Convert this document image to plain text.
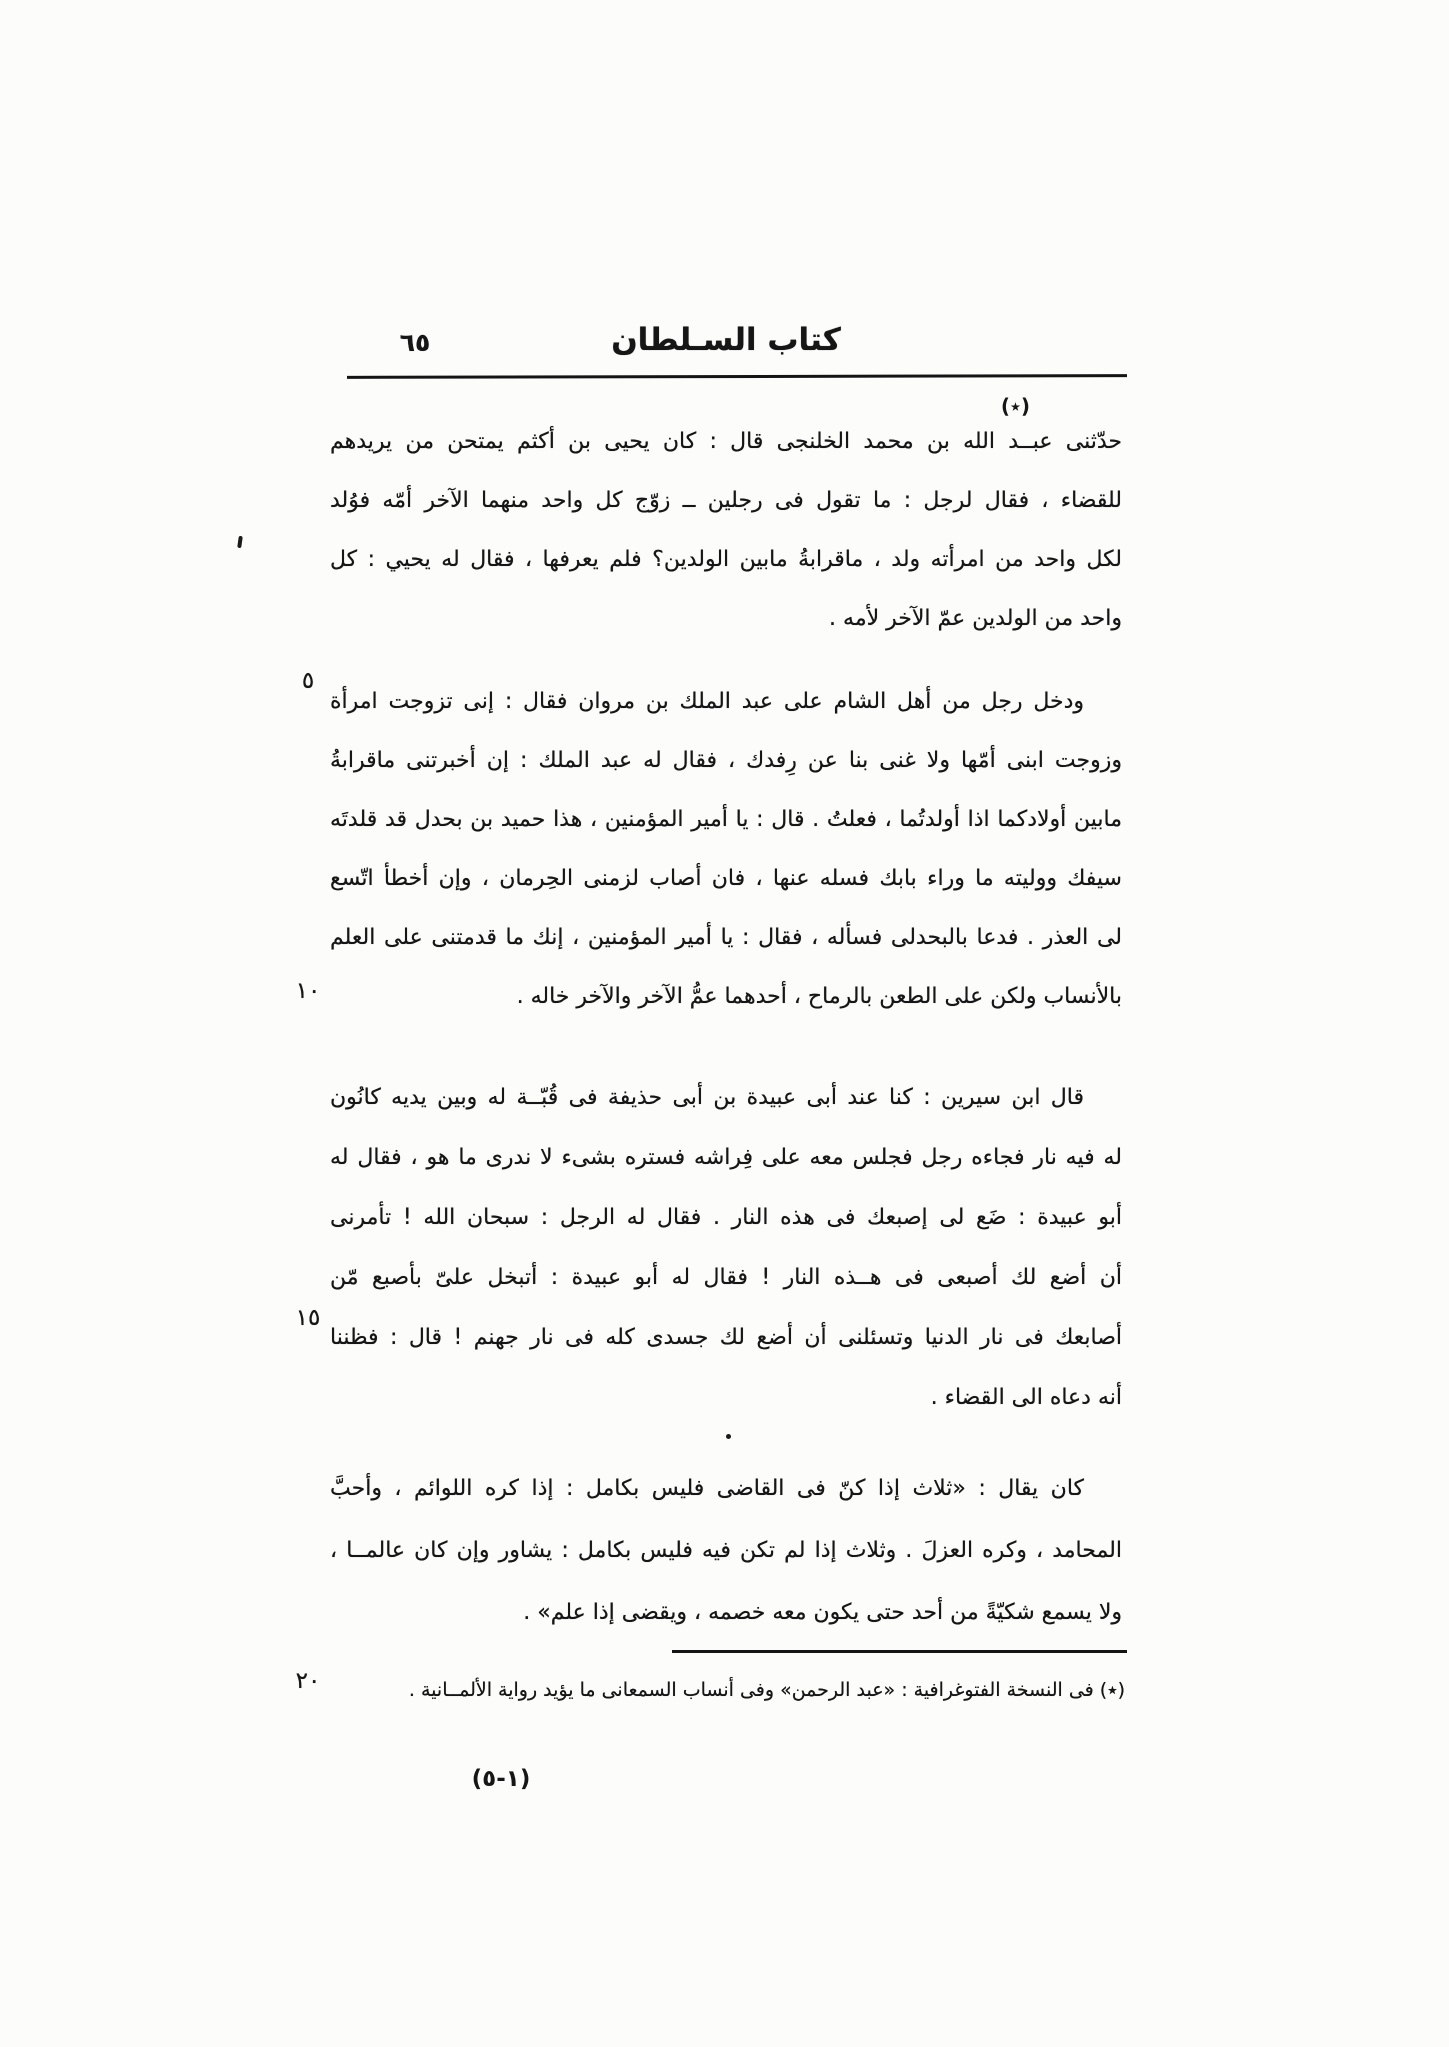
٦٥	كتاب السـلطان
(٭)
حدّثنى عبــد الله بن محمد الخلنجى قال : كان يحيى بن أكثم يمتحن من يريدهم
للقضاء ، فقال لرجل : ما تقول فى رجلين ــ زوّج كل واحد منهما الآخر أمّه فوُلد
لكل واحد من امرأته ولد ، ماقرابةُ مابين الولدين؟ فلم يعرفها ، فقال له يحيي : كل
واحد من الولدين عمّ الآخر لأمه .
ودخل رجل من أهل الشام على عبد الملك بن مروان فقال : إنى تزوجت امرأة
وزوجت ابنى أمّها ولا غنى بنا عن رِفدك ، فقال له عبد الملك : إن أخبرتنى ماقرابةُ
مابين أولادكما اذا أولدتُما ، فعلتُ . قال : يا أمير المؤمنين ، هذا حميد بن بحدل قد قلدتَه
سيفك ووليته ما وراء بابك فسله عنها ، فان أصاب لزمنى الحِرمان ، وإن أخطأ اتّسع
لى العذر . فدعا بالبحدلى فسأله ، فقال : يا أمير المؤمنين ، إنك ما قدمتنى على العلم
بالأنساب ولكن على الطعن بالرماح ، أحدهما عمُّ الآخر والآخر خاله .
قال ابن سيرين : كنا عند أبى عبيدة بن أبى حذيفة فى قُبّــة له وبين يديه كانُون
له فيه نار فجاءه رجل فجلس معه على فِراشه فستره بشىء لا ندرى ما هو ، فقال له
أبو عبيدة : ضَع لى إصبعك فى هذه النار . فقال له الرجل : سبحان الله ! تأمرنى
أن أضع لك أصبعى فى هــذه النار ! فقال له أبو عبيدة : أتبخل علىّ بأصبع مّن
أصابعك فى نار الدنيا وتسئلنى أن أضع لك جسدى كله فى نار جهنم ! قال : فظننا
أنه دعاه الى القضاء .
كان يقال : «ثلاث إذا كنّ فى القاضى فليس بكامل : إذا كره اللوائم ، وأحبَّ
المحامد ، وكره العزلَ . وثلاث إذا لم تكن فيه فليس بكامل : يشاور وإن كان عالمــا ،
ولا يسمع شكيّةً من أحد حتى يكون معه خصمه ، ويقضى إذا علم» .
٥
١٠
١٥
٢٠	(٭) فى النسخة الفتوغرافية : «عبد الرحمن» وفى أنساب السمعانى ما يؤيد رواية الألمــانية .
(١-٥)
